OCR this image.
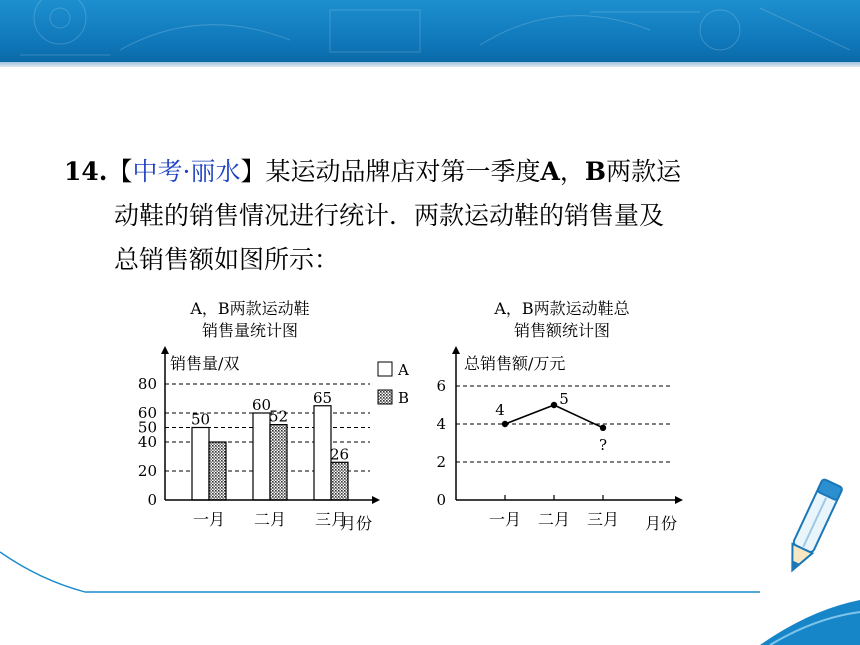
14.【中考·丽水】某运动品牌店对第一季度A，B两款运
动鞋的销售情况进行统计．两款运动鞋的销售量及
总销售额如图所示：
A，B两款运动鞋
销售量统计图
销售量/双
月份
0
20
40
50
60
80
50
60
52
65
26
一月 二月 三月
A
B
A，B两款运动鞋总
销售额统计图
总销售额/万元
月份
0
2
4
6
4
5
?
一月 二月 三月
